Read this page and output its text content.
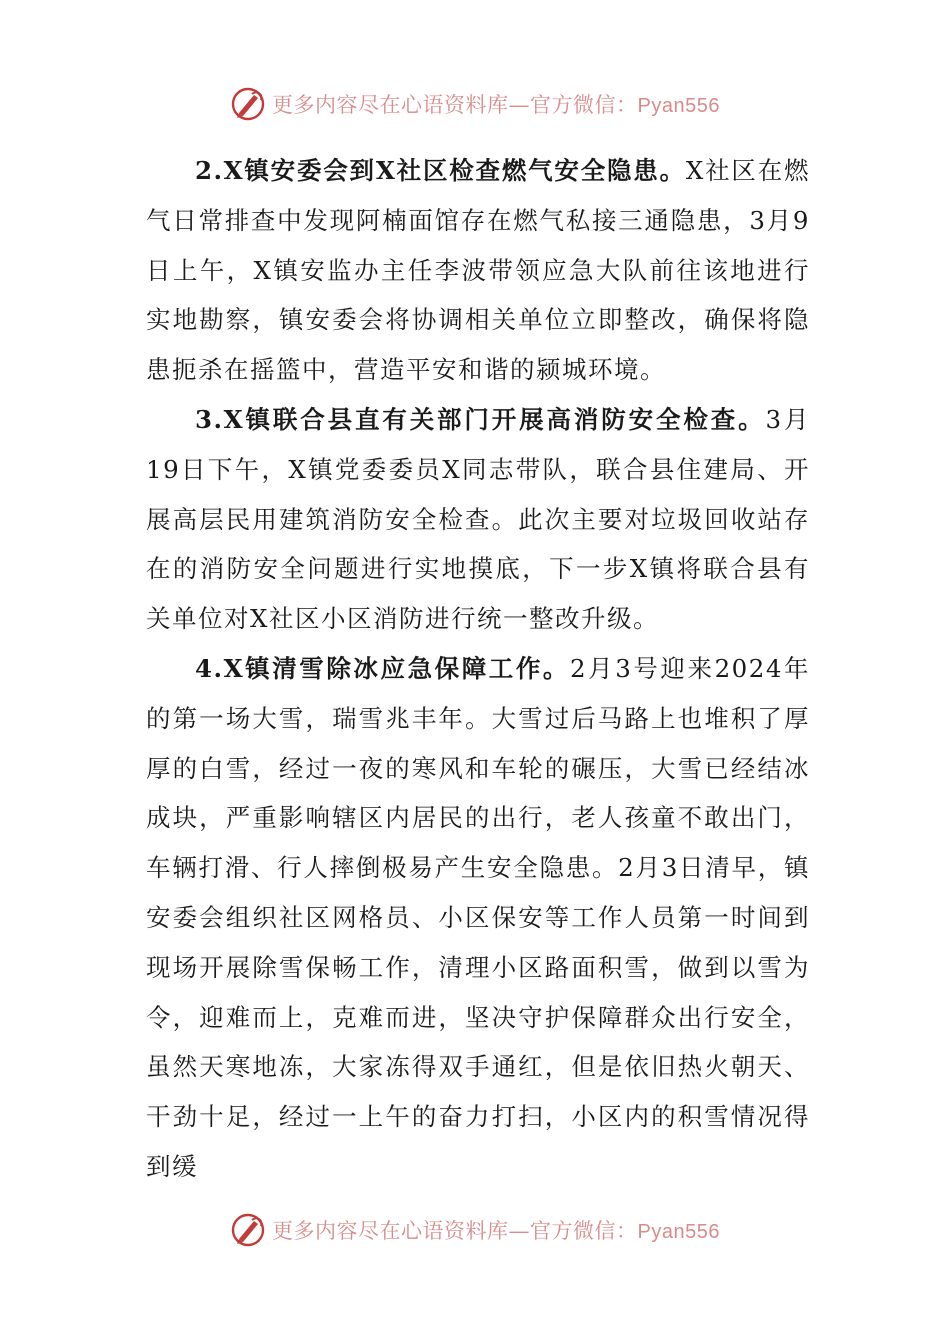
更多内容尽在心语资料库—官方微信：Pyan556

2.X镇安委会到X社区检查燃气安全隐患。X社区在燃气日常排查中发现阿楠面馆存在燃气私接三通隐患，3月9日上午，X镇安监办主任李波带领应急大队前往该地进行实地勘察，镇安委会将协调相关单位立即整改，确保将隐患扼杀在摇篮中，营造平安和谐的颍城环境。

3.X镇联合县直有关部门开展高消防安全检查。3月19日下午，X镇党委委员X同志带队，联合县住建局、开展高层民用建筑消防安全检查。此次主要对垃圾回收站存在的消防安全问题进行实地摸底，下一步X镇将联合县有关单位对X社区小区消防进行统一整改升级。

4.X镇清雪除冰应急保障工作。2月3号迎来2024年的第一场大雪，瑞雪兆丰年。大雪过后马路上也堆积了厚厚的白雪，经过一夜的寒风和车轮的碾压，大雪已经结冰成块，严重影响辖区内居民的出行，老人孩童不敢出门，车辆打滑、行人摔倒极易产生安全隐患。2月3日清早，镇安委会组织社区网格员、小区保安等工作人员第一时间到现场开展除雪保畅工作，清理小区路面积雪，做到以雪为令，迎难而上，克难而进，坚决守护保障群众出行安全，虽然天寒地冻，大家冻得双手通红，但是依旧热火朝天、干劲十足，经过一上午的奋力打扫，小区内的积雪情况得到缓

更多内容尽在心语资料库—官方微信：Pyan556
